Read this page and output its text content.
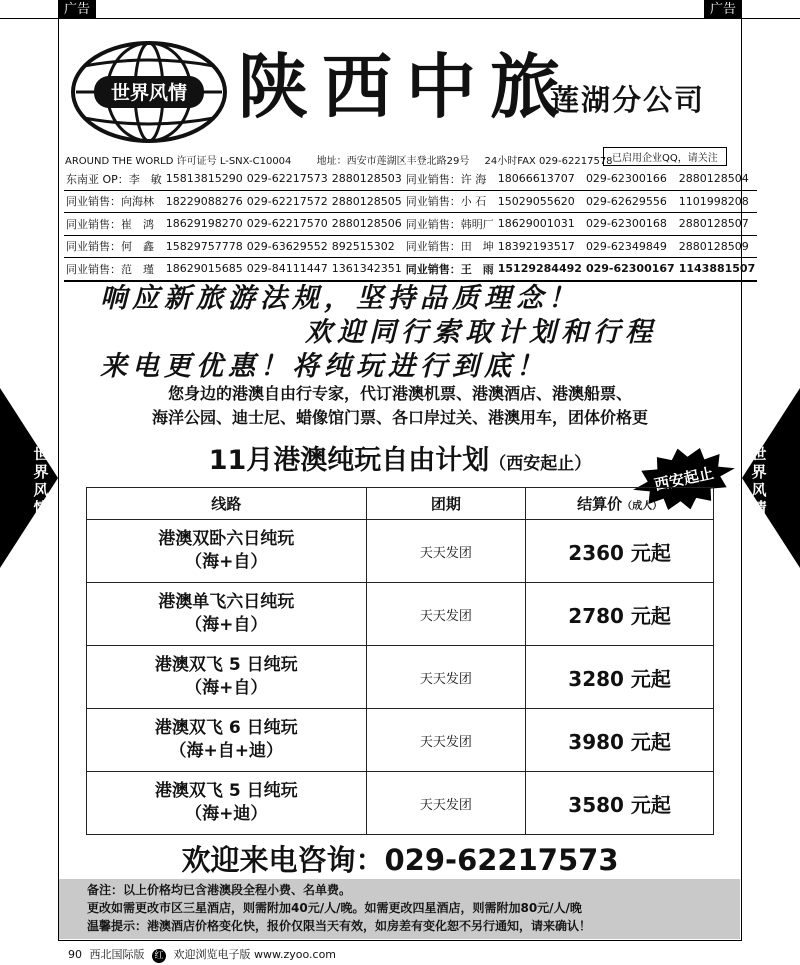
广告	广告
世界风情 陕西中旅
莲湖分公司
AROUND THE WORLD 许可证号 L-SNX-C10004	地址：西安市莲湖区丰登北路29号 24小时FAX 029-62217578 已启用企业QQ，请关注
东南亚 OP：李　敏	15813815290	029-62217573	2880128503	同业销售：许 海	18066613707	029-62300166	2880128504
同业销售：向海林	18229088276	029-62217572	2880128505	同业销售：小 石	15029055620	029-62629556	1101998208
同业销售：崔　鸿	18629198270	029-62217570	2880128506	同业销售：韩明厂	18629001031	029-62300168	2880128507
同业销售：何　鑫	15829757778	029-63629552	892515302	同业销售：田　坤	18392193517	029-62349849	2880128509
同业销售：范　瑾	18629015685	029-84111447	1361342351	同业销售：王　雨	15129284492	029-62300167	1143881507
响应新旅游法规，坚持品质理念！
欢迎同行索取计划和行程
来电更优惠！将纯玩进行到底！
您身边的港澳自由行专家，代订港澳机票、港澳酒店、港澳船票、
海洋公园、迪士尼、蜡像馆门票、各口岸过关、港澳用车，团体价格更
11月港澳纯玩自由计划（西安起止）	西安起止
世
界
风
情
世
界
风
情
线路	团期	结算价（成人）

港澳双卧六日纯玩
（海+自）	天天发团	2360 元起

港澳单飞六日纯玩
（海+自）	天天发团	2780 元起

港澳双飞 5 日纯玩
（海+自）	天天发团	3280 元起

港澳双飞 6 日纯玩
（海+自+迪）	天天发团	3980 元起

港澳双飞 5 日纯玩
（海+迪）	天天发团	3580 元起
欢迎来电咨询：029-62217573
备注：以上价格均已含港澳段全程小费、名单费。
更改如需更改市区三星酒店，则需附加40元/人/晚。如需更改四星酒店，则需附加80元/人/晚
温馨提示：港澳酒店价格变化快，报价仅限当天有效，如房差有变化恕不另行通知，请来确认！
90 西北国际版 红 欢迎浏览电子版 www.zyoo.com
